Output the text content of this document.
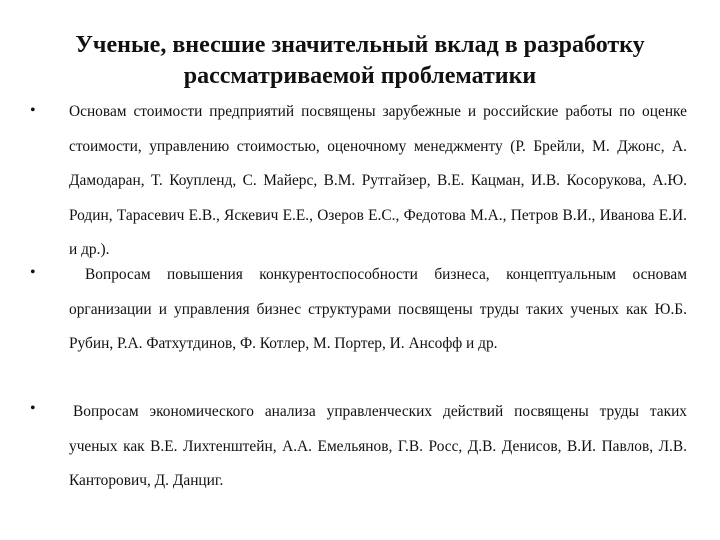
Ученые, внесшие значительный вклад в разработку рассматриваемой проблематики
• Основам стоимости предприятий посвящены зарубежные и российские работы по оценке стоимости, управлению стоимостью, оценочному менеджменту (Р. Брейли, М. Джонс, А. Дамодаран, Т. Коупленд, С. Майерс, В.М. Рутгайзер, В.Е. Кацман, И.В. Косорукова, А.Ю. Родин, Тарасевич Е.В., Яскевич Е.Е., Озеров Е.С., Федотова М.А., Петров В.И., Иванова Е.И. и др.).

•	Вопросам повышения конкурентоспособности бизнеса, концептуальным основам организации и управления бизнес структурами посвящены труды таких ученых как Ю.Б. Рубин, Р.А. Фатхутдинов, Ф. Котлер, М. Портер, И. Ансофф и др.

• Вопросам экономического анализа управленческих действий посвящены труды таких ученых как В.Е. Лихтенштейн, А.А. Емельянов, Г.В. Росс, Д.В. Денисов, В.И. Павлов, Л.В. Канторович, Д. Данциг.
